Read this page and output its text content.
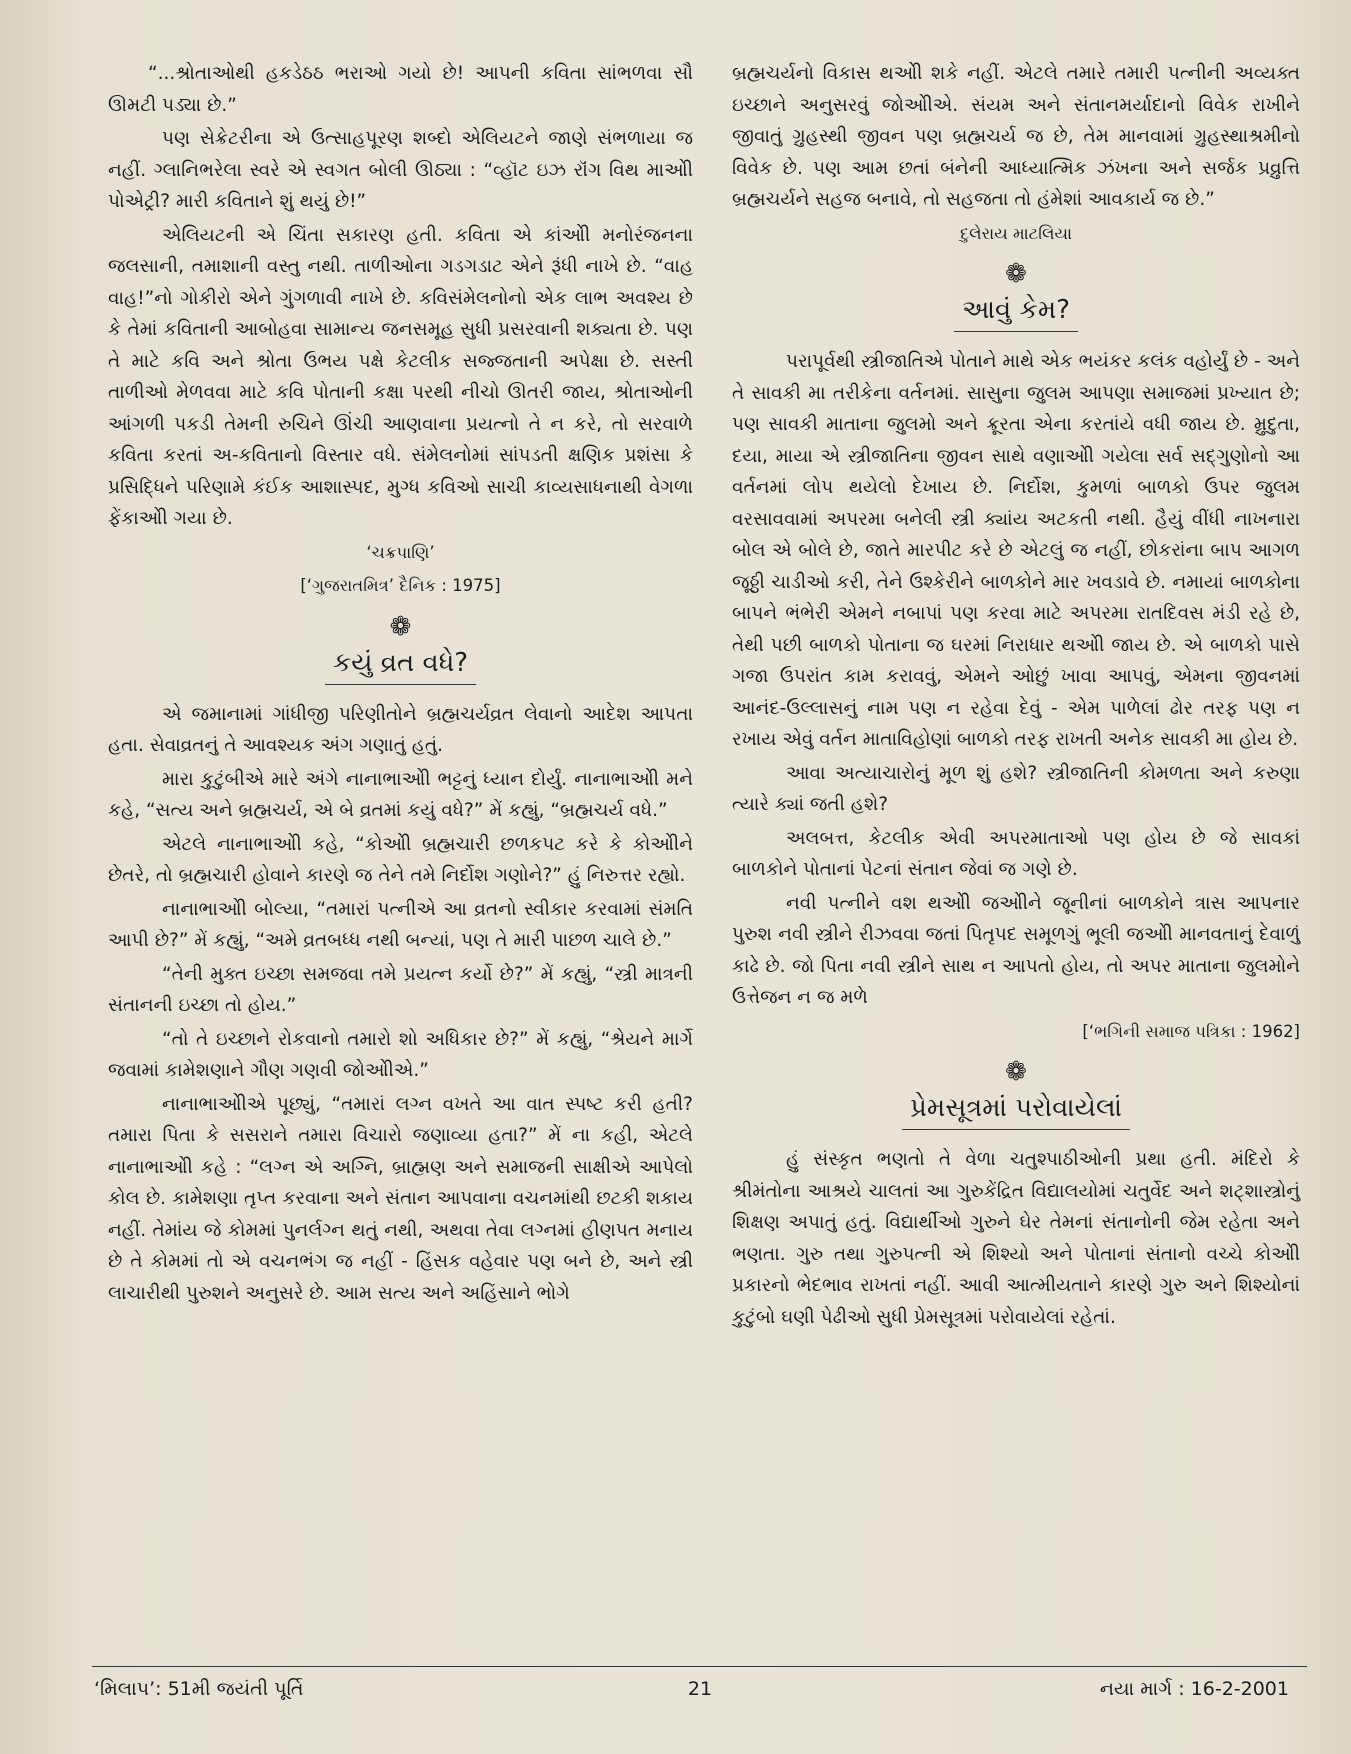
“...શ્રોતાઓથી હકડેઠઠ ભરાઓ ગયો છે! આપની કવિતા સાંભળવા સૌ ઊમટી પડ્યા છે.”

પણ સેક્રેટરીના એ ઉત્સાહપૂરણ શબ્દો એલિયટને જાણે સંભળાયા જ નહીં. ગ્લાનિભરેલા સ્વરે એ સ્વગત બોલી ઊઠ્યા : “વ્હૉટ ઇઝ રૉંગ વિથ માઓી પોએટ્રી? મારી કવિતાને શું થયું છે!”

એલિયટની એ ચિંતા સકારણ હતી. કવિતા એ કાંઓી મનોરંજનના જલસાની, તમાશાની વસ્તુ નથી. તાળીઓના ગડગડાટ એને રૂંધી નાખે છે. “વાહ વાહ!”નો ગોકીરો એને ગુંગળાવી નાખે છે. કવિસંમેલનોનો એક લાભ અવશ્ય છે કે તેમાં કવિતાની આબોહવા સામાન્ય જનસમૂહ સુધી પ્રસરવાની શક્યતા છે. પણ તે માટે કવિ અને શ્રોતા ઉભય પક્ષે કેટલીક સજ્જતાની અપેક્ષા છે. સસ્તી તાળીઓ મેળવવા માટે કવિ પોતાની કક્ષા પરથી નીચો ઊતરી જાય, શ્રોતાઓની આંગળી પકડી તેમની રુચિને ઊંચી આણવાના પ્રયત્નો તે ન કરે, તો સરવાળે કવિતા કરતાં અ-કવિતાનો વિસ્તાર વધે. સંમેલનોમાં સાંપડતી ક્ષણિક પ્રશંસા કે પ્રસિદ્ધિને પરિણામે કંઈક આશાસ્પદ, મુગ્ધ કવિઓ સાચી કાવ્યસાધનાથી વેગળા ફેંકાઓી ગયા છે.

‘ચક્રપાણિ’

[‘ગુજરાતમિત્ર’ દૈનિક : 1975]

❁
કયું વ્રત વધે?

એ જમાનામાં ગાંધીજી પરિણીતોને બ્રહ્મચર્યવ્રત લેવાનો આદેશ આપતા હતા. સેવાવ્રતનું તે આવશ્યક અંગ ગણાતું હતું.

મારા કુટુંબીએ મારે અંગે નાનાભાઓી ભટ્ટનું ધ્યાન દોર્યું. નાનાભાઓી મને કહે, “સત્ય અને બ્રહ્મચર્ય, એ બે વ્રતમાં કયું વધે?” મેં કહ્યું, “બ્રહ્મચર્ય વધે.”

એટલે નાનાભાઓી કહે, “કોઓી બ્રહ્મચારી છળકપટ કરે કે કોઓીને છેતરે, તો બ્રહ્મચારી હોવાને કારણે જ તેને તમે નિર્દોશ ગણોને?” હું નિરુત્તર રહ્યો.

નાનાભાઓી બોલ્યા, “તમારાં પત્નીએ આ વ્રતનો સ્વીકાર કરવામાં સંમતિ આપી છે?” મેં કહ્યું, “અમે વ્રતબધ્ધ નથી બન્યાં, પણ તે મારી પાછળ ચાલે છે.”

“તેની મુક્ત ઇચ્છા સમજવા તમે પ્રયત્ન કર્યો છે?” મેં કહ્યું, “સ્ત્રી માત્રની સંતાનની ઇચ્છા તો હોય.”

“તો તે ઇચ્છાને રોકવાનો તમારો શો અધિકાર છે?” મેં કહ્યું, “શ્રેયને માર્ગે જવામાં કામેશણાને ગૌણ ગણવી જોઓીએ.”

નાનાભાઓીએ પૂછ્યું, “તમારાં લગ્ન વખતે આ વાત સ્પષ્ટ કરી હતી? તમારા પિતા કે સસરાને તમારા વિચારો જણાવ્યા હતા?” મેં ના કહી, એટલે નાનાભાઓી કહે : “લગ્ન એ અગ્નિ, બ્રાહ્મણ અને સમાજની સાક્ષીએ આપેલો કોલ છે. કામેશણા તૃપ્ત કરવાના અને સંતાન આપવાના વચનમાંથી છટકી શકાય નહીં. તેમાંય જે કોમમાં પુનર્લગ્ન થતું નથી, અથવા તેવા લગ્નમાં હીણપત મનાય છે તે કોમમાં તો એ વચનભંગ જ નહીં - હિંસક વહેવાર પણ બને છે, અને સ્ત્રી લાચારીથી પુરુશને અનુસરે છે. આમ સત્ય અને અહિંસાને ભોગે

બ્રહ્મચર્યનો વિકાસ થઓી શકે નહીં. એટલે તમારે તમારી પત્નીની અવ્યક્ત ઇચ્છાને અનુસરવું જોઓીએ. સંયમ અને સંતાનમર્યાદાનો વિવેક રાખીને જીવાતું ગ્રુહસ્થી જીવન પણ બ્રહ્મચર્ય જ છે, તેમ માનવામાં ગ્રુહસ્થાશ્રમીનો વિવેક છે. પણ આમ છતાં બંનેની આધ્યાત્મિક ઝંખના અને સર્જક પ્રવ્રુત્તિ બ્રહ્મચર્યને સહજ બનાવે, તો સહજતા તો હંમેશાં આવકાર્ય જ છે.”

દુલેરાય માટલિયા

❁
આવું કેમ?

પરાપૂર્વથી સ્ત્રીજાતિએ પોતાને માથે એક ભયંકર કલંક વહોર્યું છે - અને તે સાવકી મા તરીકેના વર્તનમાં. સાસુના જુલમ આપણા સમાજમાં પ્રખ્યાત છે; પણ સાવકી માતાના જુલમો અને ક્રૂરતા એના કરતાંયે વધી જાય છે. મ્રુદુતા, દયા, માયા એ સ્ત્રીજાતિના જીવન સાથે વણાઓી ગયેલા સર્વ સદ્ગુણોનો આ વર્તનમાં લોપ થયેલો દેખાય છે. નિર્દોશ, કુમળાં બાળકો ઉપર જુલમ વરસાવવામાં અપરમા બનેલી સ્ત્રી ક્યાંય અટકતી નથી. હૈયું વીંધી નાખનારા બોલ એ બોલે છે, જાતે મારપીટ કરે છે એટલું જ નહીં, છોકરાંના બાપ આગળ જૂઠ્ઠી ચાડીઓ કરી, તેને ઉશ્કેરીને બાળકોને માર ખવડાવે છે. નમાયાં બાળકોના બાપને ભંભેરી એમને નબાપાં પણ કરવા માટે અપરમા રાતદિવસ મંડી રહે છે, તેથી પછી બાળકો પોતાના જ ઘરમાં નિરાધાર થઓી જાય છે. એ બાળકો પાસે ગજા ઉપરાંત કામ કરાવવું, એમને ઓછું ખાવા આપવું, એમના જીવનમાં આનંદ-ઉલ્લાસનું નામ પણ ન રહેવા દેવું - એમ પાળેલાં ઢોર તરફ પણ ન રખાય એવું વર્તન માતાવિહોણાં બાળકો તરફ રાખતી અનેક સાવકી મા હોય છે.

આવા અત્યાચારોનું મૂળ શું હશે? સ્ત્રીજાતિની કોમળતા અને કરુણા ત્યારે ક્યાં જતી હશે?

અલબત્ત, કેટલીક એવી અપરમાતાઓ પણ હોય છે જે સાવકાં બાળકોને પોતાનાં પેટનાં સંતાન જેવાં જ ગણે છે.

નવી પત્નીને વશ થઓી જઓીને જૂનીનાં બાળકોને ત્રાસ આપનાર પુરુશ નવી સ્ત્રીને રીઝવવા જતાં પિતૃપદ સમૂળગું ભૂલી જઓી માનવતાનું દેવાળું કાઢે છે. જો પિતા નવી સ્ત્રીને સાથ ન આપતો હોય, તો અપર માતાના જુલમોને ઉત્તેજન ન જ મળે

[‘ભગિની સમાજ પત્રિકા : 1962]

❁
પ્રેમસૂત્રમાં પરોવાયેલાં

હું સંસ્કૃત ભણતો તે વેળા ચતુશ્પાઠીઓની પ્રથા હતી. મંદિરો કે શ્રીમંતોના આશ્રયે ચાલતાં આ ગુરુકેંદ્રિત વિદ્યાલયોમાં ચતુર્વેદ અને શટ્શાસ્ત્રોનું શિક્ષણ અપાતું હતું. વિદ્યાર્થીઓ ગુરુને ઘેર તેમનાં સંતાનોની જેમ રહેતા અને ભણતા. ગુરુ તથા ગુરુપત્ની એ શિશ્યો અને પોતાનાં સંતાનો વચ્ચે કોઓી પ્રકારનો ભેદભાવ રાખતાં નહીં. આવી આત્મીયતાને કારણે ગુરુ અને શિશ્યોનાં કુટુંબો ઘણી પેઢીઓ સુધી પ્રેમસૂત્રમાં પરોવાયેલાં રહેતાં.

‘મિલાપ’: 51મી જયંતી પૂર્તિ	21	નયા માર્ગ : 16-2-2001
